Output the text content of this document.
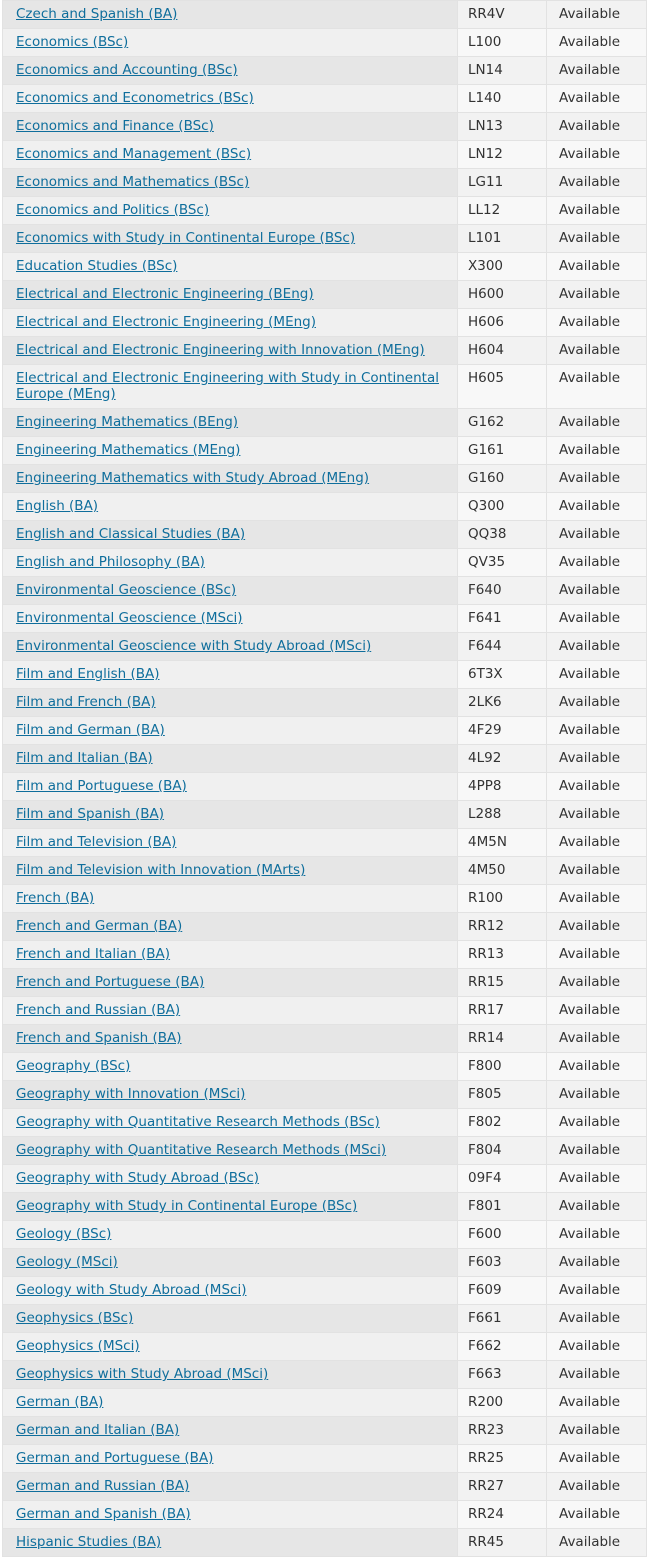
Czech and Spanish (BA)	RR4V	Available
Economics (BSc)	L100	Available
Economics and Accounting (BSc)	LN14	Available
Economics and Econometrics (BSc)	L140	Available
Economics and Finance (BSc)	LN13	Available
Economics and Management (BSc)	LN12	Available
Economics and Mathematics (BSc)	LG11	Available
Economics and Politics (BSc)	LL12	Available
Economics with Study in Continental Europe (BSc)	L101	Available
Education Studies (BSc)	X300	Available
Electrical and Electronic Engineering (BEng)	H600	Available
Electrical and Electronic Engineering (MEng)	H606	Available
Electrical and Electronic Engineering with Innovation (MEng)	H604	Available
Electrical and Electronic Engineering with Study in Continental Europe (MEng)	H605	Available
Engineering Mathematics (BEng)	G162	Available
Engineering Mathematics (MEng)	G161	Available
Engineering Mathematics with Study Abroad (MEng)	G160	Available
English (BA)	Q300	Available
English and Classical Studies (BA)	QQ38	Available
English and Philosophy (BA)	QV35	Available
Environmental Geoscience (BSc)	F640	Available
Environmental Geoscience (MSci)	F641	Available
Environmental Geoscience with Study Abroad (MSci)	F644	Available
Film and English (BA)	6T3X	Available
Film and French (BA)	2LK6	Available
Film and German (BA)	4F29	Available
Film and Italian (BA)	4L92	Available
Film and Portuguese (BA)	4PP8	Available
Film and Spanish (BA)	L288	Available
Film and Television (BA)	4M5N	Available
Film and Television with Innovation (MArts)	4M50	Available
French (BA)	R100	Available
French and German (BA)	RR12	Available
French and Italian (BA)	RR13	Available
French and Portuguese (BA)	RR15	Available
French and Russian (BA)	RR17	Available
French and Spanish (BA)	RR14	Available
Geography (BSc)	F800	Available
Geography with Innovation (MSci)	F805	Available
Geography with Quantitative Research Methods (BSc)	F802	Available
Geography with Quantitative Research Methods (MSci)	F804	Available
Geography with Study Abroad (BSc)	09F4	Available
Geography with Study in Continental Europe (BSc)	F801	Available
Geology (BSc)	F600	Available
Geology (MSci)	F603	Available
Geology with Study Abroad (MSci)	F609	Available
Geophysics (BSc)	F661	Available
Geophysics (MSci)	F662	Available
Geophysics with Study Abroad (MSci)	F663	Available
German (BA)	R200	Available
German and Italian (BA)	RR23	Available
German and Portuguese (BA)	RR25	Available
German and Russian (BA)	RR27	Available
German and Spanish (BA)	RR24	Available
Hispanic Studies (BA)	RR45	Available
